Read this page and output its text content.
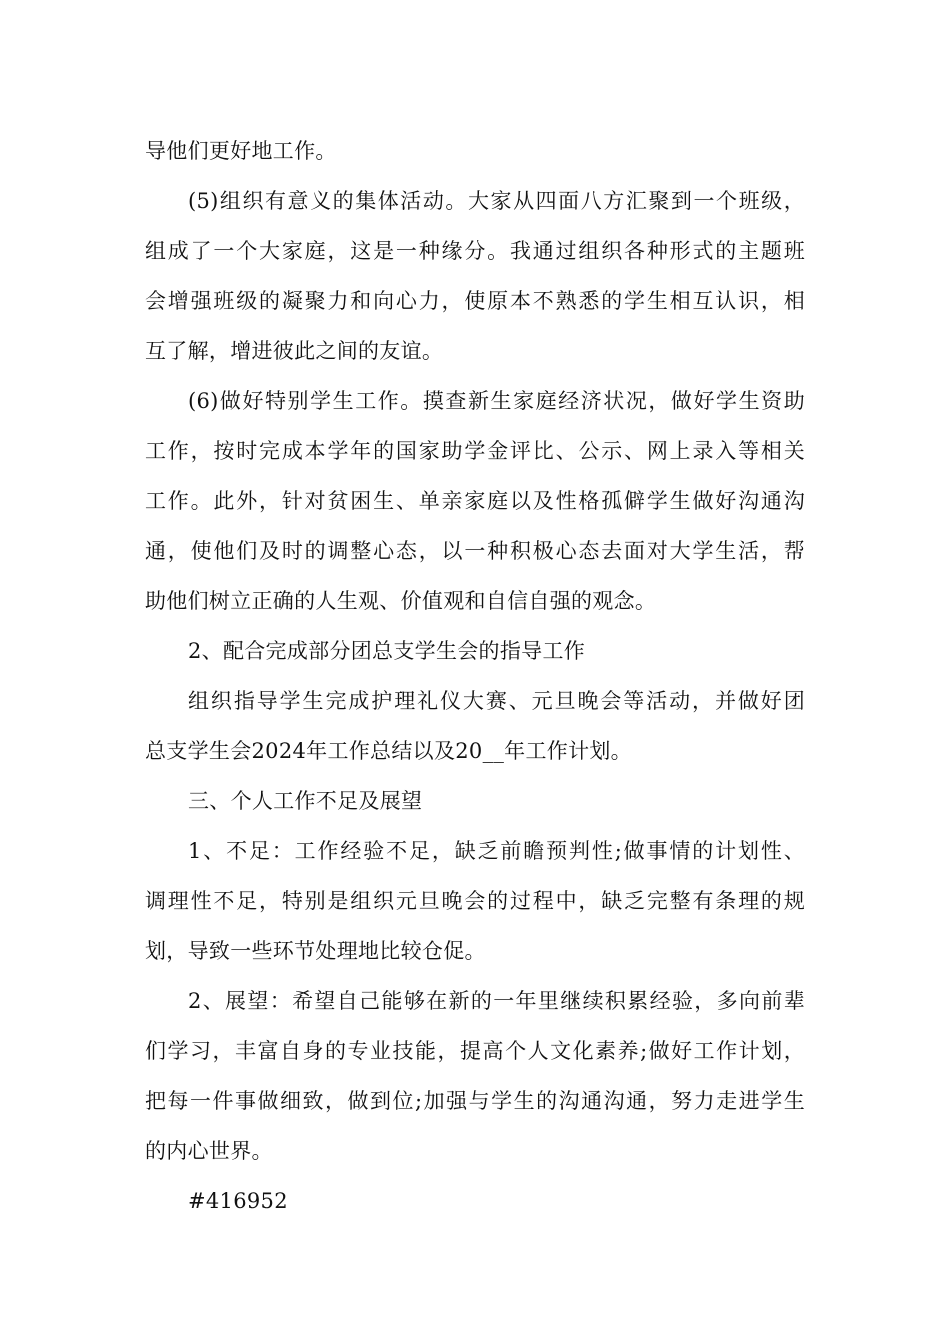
导他们更好地工作。
(5)组织有意义的集体活动。大家从四面八方汇聚到一个班级，
组成了一个大家庭，这是一种缘分。我通过组织各种形式的主题班
会增强班级的凝聚力和向心力，使原本不熟悉的学生相互认识，相
互了解，增进彼此之间的友谊。
(6)做好特别学生工作。摸查新生家庭经济状况，做好学生资助
工作，按时完成本学年的国家助学金评比、公示、网上录入等相关
工作。此外，针对贫困生、单亲家庭以及性格孤僻学生做好沟通沟
通，使他们及时的调整心态，以一种积极心态去面对大学生活，帮
助他们树立正确的人生观、价值观和自信自强的观念。
2、配合完成部分团总支学生会的指导工作
组织指导学生完成护理礼仪大赛、元旦晚会等活动，并做好团
总支学生会2024年工作总结以及20__年工作计划。
三、个人工作不足及展望
1、不足：工作经验不足，缺乏前瞻预判性;做事情的计划性、
调理性不足，特别是组织元旦晚会的过程中，缺乏完整有条理的规
划，导致一些环节处理地比较仓促。
2、展望：希望自己能够在新的一年里继续积累经验，多向前辈
们学习，丰富自身的专业技能，提高个人文化素养;做好工作计划，
把每一件事做细致，做到位;加强与学生的沟通沟通，努力走进学生
的内心世界。
#416952
